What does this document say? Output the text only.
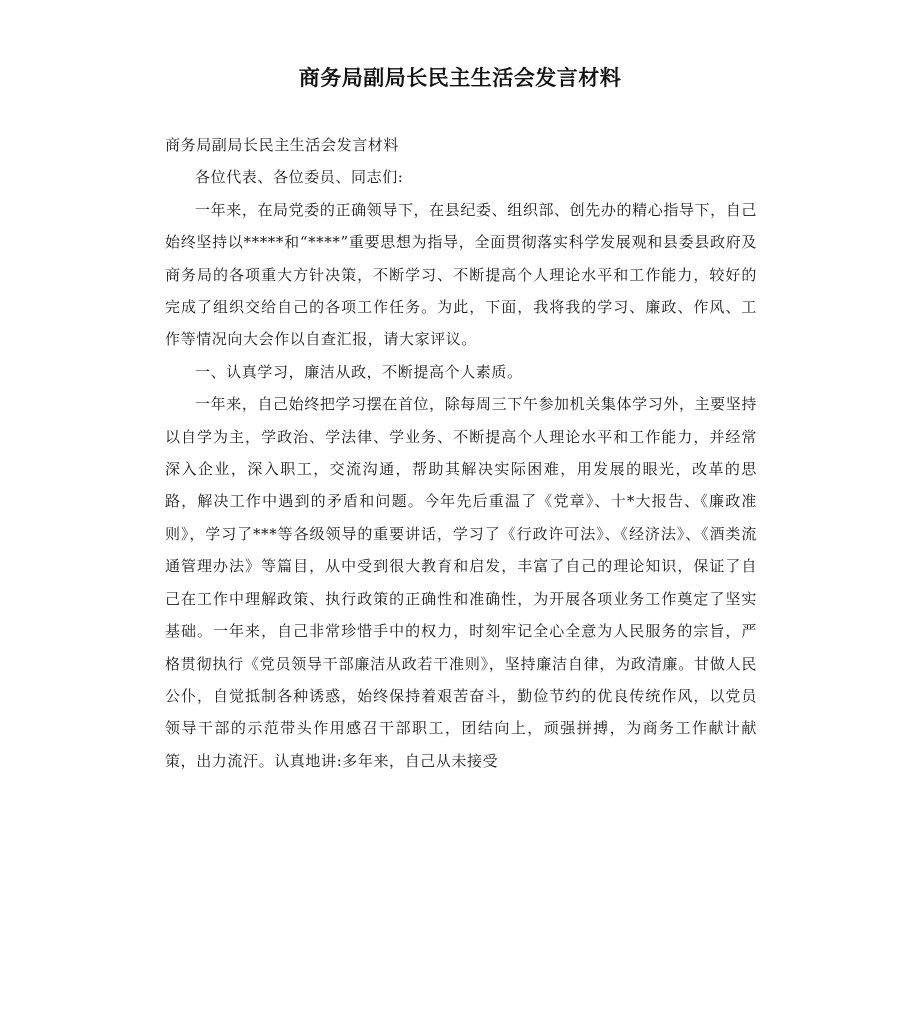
商务局副局长民主生活会发言材料

商务局副局长民主生活会发言材料

各位代表、各位委员、同志们:

一年来，在局党委的正确领导下，在县纪委、组织部、创先办的精心指导下，自己始终坚持以*****和“****”重要思想为指导，全面贯彻落实科学发展观和县委县政府及商务局的各项重大方针决策，不断学习、不断提高个人理论水平和工作能力，较好的完成了组织交给自己的各项工作任务。为此，下面，我将我的学习、廉政、作风、工作等情况向大会作以自查汇报，请大家评议。

一、认真学习，廉洁从政，不断提高个人素质。

一年来，自己始终把学习摆在首位，除每周三下午参加机关集体学习外，主要坚持以自学为主，学政治、学法律、学业务、不断提高个人理论水平和工作能力，并经常深入企业，深入职工，交流沟通，帮助其解决实际困难，用发展的眼光，改革的思路，解决工作中遇到的矛盾和问题。今年先后重温了《党章》、十*大报告、《廉政准则》，学习了***等各级领导的重要讲话，学习了《行政许可法》、《经济法》、《酒类流通管理办法》等篇目，从中受到很大教育和启发，丰富了自己的理论知识，保证了自己在工作中理解政策、执行政策的正确性和准确性，为开展各项业务工作奠定了坚实基础。一年来，自己非常珍惜手中的权力，时刻牢记全心全意为人民服务的宗旨，严格贯彻执行《党员领导干部廉洁从政若干准则》，坚持廉洁自律，为政清廉。甘做人民公仆，自觉抵制各种诱惑，始终保持着艰苦奋斗，勤俭节约的优良传统作风，以党员领导干部的示范带头作用感召干部职工，团结向上，顽强拼搏，为商务工作献计献策，出力流汗。认真地讲:多年来，自己从未接受
